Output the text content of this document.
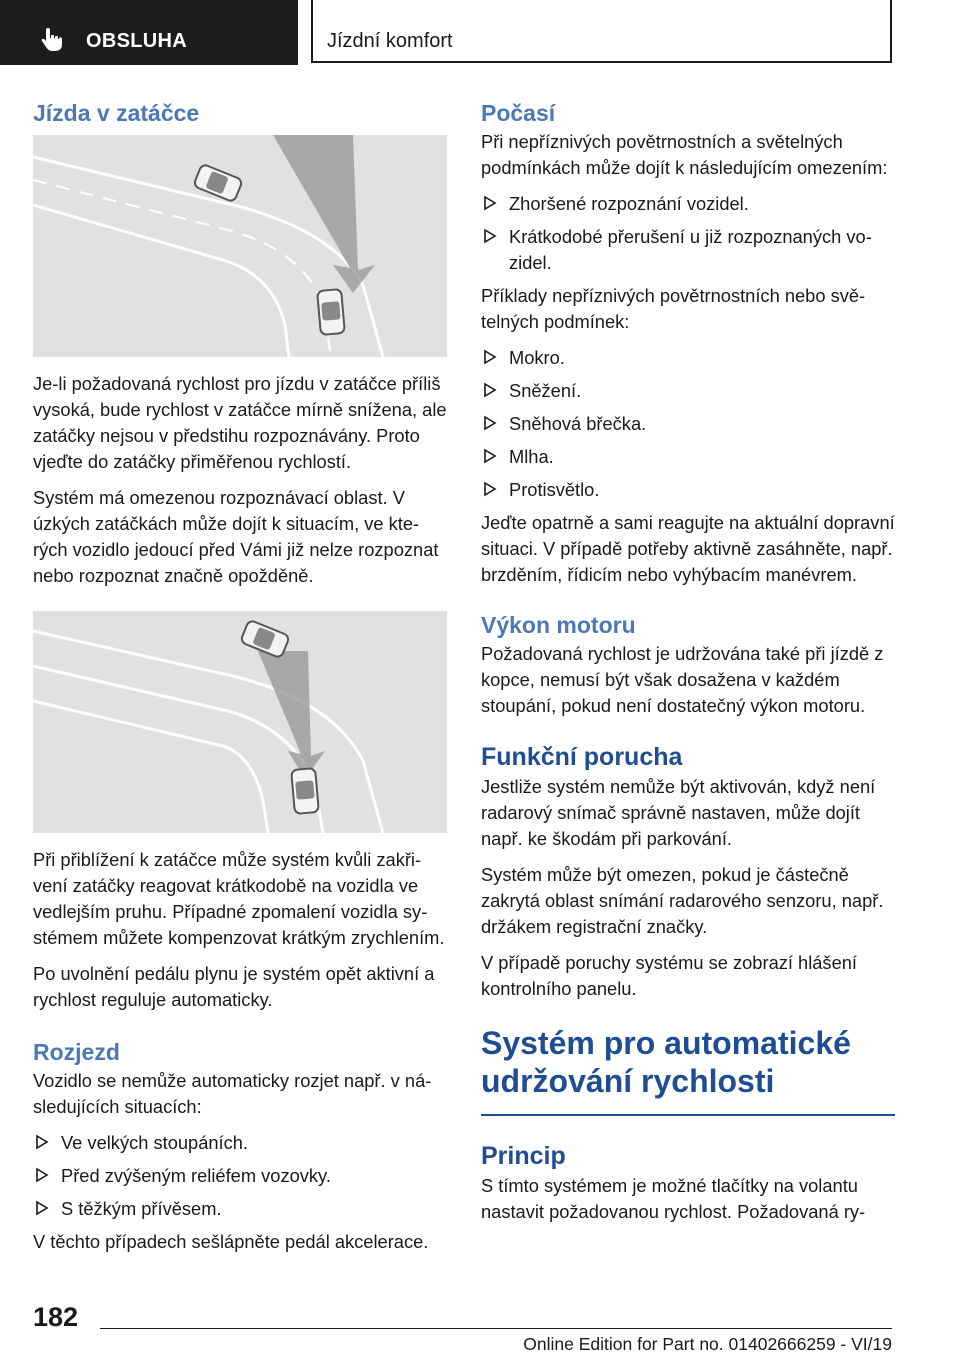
OBSLUHA	Jízdní komfort
Jízda v zatáčce

Je-li požadovaná rychlost pro jízdu v zatáčce příliš vysoká, bude rychlost v zatáčce mírně snížena, ale zatáčky nejsou v předstihu rozpoznávány. Proto vjeďte do zatáčky přiměřenou rychlostí.

Systém má omezenou rozpoznávací oblast. V úzkých zatáčkách může dojít k situacím, ve kterých vozidlo jedoucí před Vámi již nelze rozpoznat nebo rozpoznat značně opožděně.

Při přiblížení k zatáčce může systém kvůli zakřivení zatáčky reagovat krátkodobě na vozidla ve vedlejším pruhu. Případné zpomalení vozidla systémem můžete kompenzovat krátkým zrychlením.

Po uvolnění pedálu plynu je systém opět aktivní a rychlost reguluje automaticky.

Rozjezd

Vozidlo se nemůže automaticky rozjet např. v následujících situacích:

Ve velkých stoupáních.
Před zvýšeným reliéfem vozovky.
S těžkým přívěsem.

V těchto případech sešlápněte pedál akcelerace.

Počasí

Při nepříznivých povětrnostních a světelných podmínkách může dojít k následujícím omezením:

Zhoršené rozpoznání vozidel.
Krátkodobé přerušení u již rozpoznaných vozidel.

Příklady nepříznivých povětrnostních nebo světelných podmínek:

Mokro.
Sněžení.
Sněhová břečka.
Mlha.
Protisvětlo.

Jeďte opatrně a sami reagujte na aktuální dopravní situaci. V případě potřeby aktivně zasáhněte, např. brzděním, řídicím nebo vyhýbacím manévrem.

Výkon motoru

Požadovaná rychlost je udržována také při jízdě z kopce, nemusí být však dosažena v každém stoupání, pokud není dostatečný výkon motoru.

Funkční porucha

Jestliže systém nemůže být aktivován, když není radarový snímač správně nastaven, může dojít např. ke škodám při parkování.

Systém může být omezen, pokud je částečně zakrytá oblast snímání radarového senzoru, např. držákem registrační značky.

V případě poruchy systému se zobrazí hlášení kontrolního panelu.

Systém pro automatické udržování rychlosti
Princip

S tímto systémem je možné tlačítky na volantu nastavit požadovanou rychlost. Požadovaná ry-

182
Online Edition for Part no. 01402666259 - VI/19
